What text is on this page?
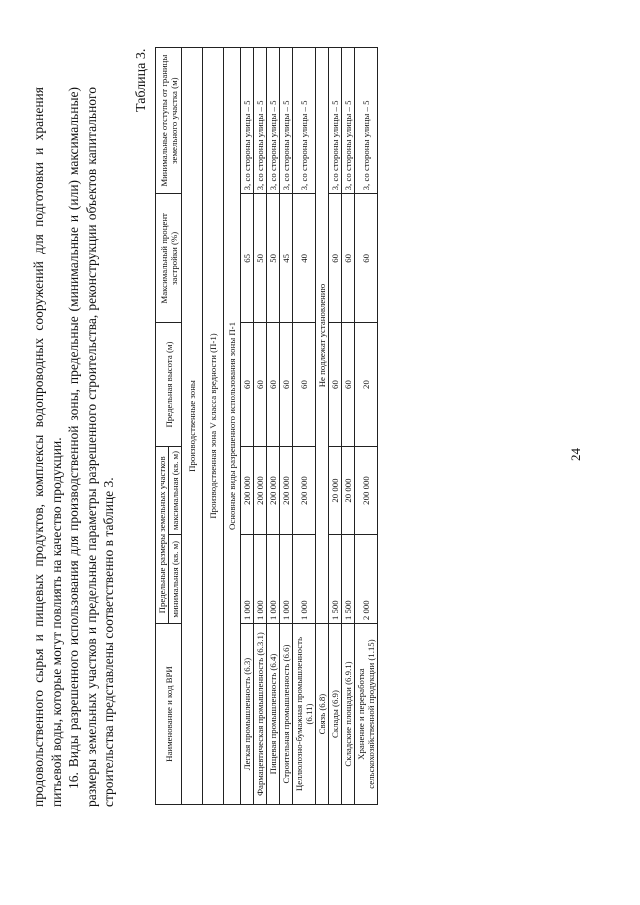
24
продовольственного сырья и пищевых продуктов, комплексы водопроводных сооружений для подготовки и хранения питьевой воды, которые могут повлиять на качество продукции. 16. Виды разрешенного использования для производственной зоны, предельные (минимальные и (или) максимальные) размеры земельных участков и предельные параметры разрешенного строительства, реконструкции объектов капитального строительства представлены соответственно в таблице 3.
Таблица 3.
Наименование и код ВРИ	Предельные размеры земельных участков		Предельная высота (м)	Максимальный процент застройки (%)	Минимальные отступы от границы земельного участка (м)
	минимальная (кв. м)	максимальная (кв. м)			
Производственные зоны					
Производственная зона V класса вредности (П-1)					
Основные виды разрешенного использования зоны П-1					
Легкая промышленность (6.3)	1 000	200 000	60	65	3, со стороны улицы – 5
Фармацевтическая промышленность (6.3.1)	1 000	200 000	60	50	3, со стороны улицы – 5
Пищевая промышленность (6.4)	1 000	200 000	60	50	3, со стороны улицы – 5
Строительная промышленность (6.6)	1 000	200 000	60	45	3, со стороны улицы – 5
Целлюлозно-бумажная промышленность (6.11)	1 000	200 000	60	40	3, со стороны улицы – 5
Связь (6.8)	Не подлежат установлению				
Склады (6.9)	1 500	20 000	60	60	3, со стороны улицы – 5
Складские площадки (6.9.1)	1 500	20 000	60	60	3, со стороны улицы – 5
Хранение и переработка сельскохозяйственной продукции (1.15)	2 000	200 000	20	60	3, со стороны улицы – 5
